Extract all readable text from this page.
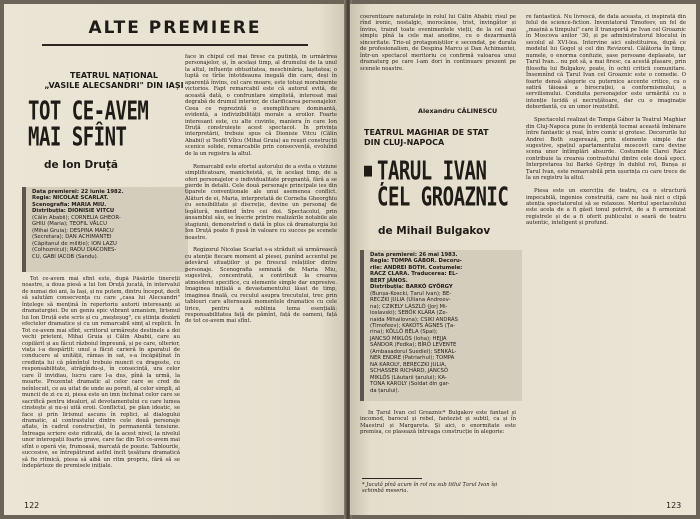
ALTE PREMIERE
TEATRUL NAȚIONAL
„VASILE ALECSANDRI" DIN IAȘI
TOT CE-AVEM
MAI SFÎNT
de Ion Druță

Data premierei: 22 iunie 1982.

Regia: NICOLAE SCARLAT.

Scenografia: MARIA MIU.

Distribuția: DIONISIE VITCU

(Călin Ababii); CORNELIA GHEOR-

GHIU (Maria); TEOFIL VÂLCU

(Mihai Gruia); DESPINA MARCU

(Secretara); DAN ACHIMANTEI

(Căpitanul de miliție); ION LAZU

(Colhoznicul); RADU DIACONES-

CU, GABI IACOB (Sandu).

Tot ce-avem mai sfînt este, după Păsările tinereții noastre, a doua piesă a lui Ion Druță jucată, în intervalul de numai doi ani, la Iași, și nu putem, dintru început, decît să salutăm consecvența cu care „casa lui Alecsandri" înțelege să mențină în repertoriu autorii interesanți ai dramaturgiei. De un geniu epic vibrant umanism, lirismul lui Ion Druță este scris și cu „meșteșug", cu știința dozării efectelor dramatice și cu un remarcabil simț al replicii. În Tot ce-avem mai sfînt, scriitorul urmărește destinele a doi vechi prieteni, Mihai Gruia și Călin Ababii, care au copilărit și au făcut războiul împreună, și pe care, ulterior, viața i-a despărțit: unul a făcut carieră în aparatul de conducere al unității, râmas în sat, s-a încăpățînat în credința lui că pămîntul trebuie muncit cu dragoste, cu responsabilitate, atrăgîndu-și, în consecință, ura celor care îl invidiau, lucru care l-a dus, pînă la urmă, la moarte. Prezentat dramatic al celor care se cred de neînlocuit, ce au uitat de unde au pornit, al celor simpli, al muncii de zi cu zi, piesa este un imn închinat celor care se sacrifică pentru idealuri, al devotamentului cu care lumea cinstește și nu-și uită eroii. Conflictul, pe plan ideatic, se face și prin lirismul ascuns în replici, al dialogului dramatic, al contrastului dintre cele două personaje aflate, în cadrul construcției, în permanentă tensiune. Întreaga scriere este ridicată, de la acest nivel, la nivelul unor interogații foarte grave, care fac din Tot ce-avem mai sfînt o operă vie, frumoasă, marcată de poezie. Tablourile, succesive, se întrepătrund astfel încît țesătura dramatică să fie ritmică, piesa să aibă un ritm propriu, fără să se îndepărteze de premisele inițiale.

face în chipul cel mai firesc cu putință, în urmărirea personajelor, și, în același timp, al drumului de la unul la altul, influențe obtuzitatea, meschinăria, lașitatea; o luptă ce tîrîie întotdeauna inegală din care, deși în aparență învins, cel care moare, este totuși moralmente victorios. Fapt remarcabil este că autorul evită, de această dată, o confruntare simplistă, interesat mai degrabă de drumul interior, de clarificarea personajelor. Ceea ce reprezintă o exemplificare dominantă, evidentă, a indivizibilității morale a eroilor. Foarte interesant este, cu alte cuvinte, maniera în care Ion Druță construiește acest spectacol. În privința interpretării, trebuie spus că Dionisie Vitcu (Călin Ababii) și Teofil Vîlcu (Mihai Gruia) au reușit construcții scenice solide, remarcabile prin consecvență, evoluînd de la un registru la altul.

Remarcabil este efortul autorului de a evita o viziune simplificatoare, manicheistă, și, în același timp, de a oferi personajelor o individualitate pregnantă, fără a se pierde în detalii. Cele două personaje principale ies din tiparele convenționale ale unui asemenea conflict. Alături de ei, Maria, interpretată de Cornelia Gheorghiu cu sensibilitate și discreție, devine un personaj de legătură, mediind între cei doi. Spectacolul, prin ansamblul său, se înscrie printre realizările notabile ale stagiunii, demonstrînd o dată în plus că dramaturgia lui Ion Druță poate fi pusă în valoare cu succes pe scenele noastre.

Regizorul Nicolae Scarlat s-a străduit să urmărească cu atenție fiecare moment al piesei, punînd accentul pe adevărul situațiilor și pe firescul relațiilor dintre personaje. Scenografia semnată de Maria Miu, sugestivă, concentrată, a contribuit la crearea atmosferei specifice, cu elemente simple dar expresive. Imaginea inițială a devastamentului lăsat de timp, imaginea finală, cu reculul asupra trecutului, trec prin tablouri care alternează momentele dramatice cu cele lirice, pentru a sublinia tema esențială: responsabilitatea față de pămînt, față de oameni, față de tot ce-avem mai sfînt.

122

coerentizare naturaleţe în rolul lui Călin Ababii; rîsul pe rînd ironic, nostalgic, morocănos, trist, învingător și învins, traind toate evenimentele vieții, de la cel mai simplu pînă la cele mai anodine, cu o dezarmantă sinceritate. Trio-ul protagoniștilor e secondat, pe durata de profesionalism, de Despina Marcu și Dan Achimantei, într-un spectacol meritoriu ce confirmă valoarea unui dramaturg pe care l-am dori în continuare prezent pe scenele noastre.

Alexandru CĂLINESCU
TEATRUL MAGHIAR DE STAT
DIN CLUJ-NAPOCA
ȚARUL IVAN
CEL GROAZNIC
de Mihail Bulgakov

Data premierei: 26 mai 1983.

Regia: TOMPA GÁBOR. Decoru-

rile: ANDREI BOTH. Costumele:

RACZ CLARA. Traducerea: EL-

BERT JÁNOS.

Distribuția: BARKÓ GYÖRGY

(Bunșa-Koscki, Țarul Ivan); BE-

RECZKI JULIA (Uliana Andreev-

na); CZIKELY LÁSZLÓ (Jorj Mi-

loslavski); SEBŐK KLÁRA (Ze-

naida Mihailovna); CSIKI ANDRÁS

(Timofeev); KAKOTS ÁGNES (Ța-

rina); KÖLLŐ BÉLA (Spai);

JANCSÓ MIKLÓS (Ioha); HEJJA

SÁNDOR (Fedka); BÍRÓ LEVENTE

(Ambasadorul Suediei); SENKÁL-

NER ENDRE (Patriarhul); TOMPA

NA KAROLY, BERECZKI JULIA,

SCHASSER RICHÁRD, JANCSÓ

MIKLÓS (Lăutarii țarului); KA-

TONA KAROLY (Soldat din gar-

da țarului).

În Țarul Ivan cel Groaznic* Bulgakov este fantast și incomod, barocul și rebel, fantezist și subtil, ca și în Maestrul și Margareta. Și aici, o enormitate este premisa, ce plasează întreaga construcție în alegorie:

* Jucată pînă acum în rol nu sub titlul Țarul Ivan își schimbă meseria.

re fantastică. Nu livrescă, de data aceasta, ci inspirată din felul de science-fiction. Inventatorul Timofeev, un fel de „mașină a timpului" care îl transportă pe Ivan cel Groaznic în Moscova anilor '30, și pe administratorul blocului în secolul al XVI-lea. Intervine aici substituirea, după ce modelul lui Gogol și cel din Revizorul. Călătoria în timp, numele, o enorma confuzie, șase persoane deplasate, iar Țarul Ivan... nu pot să, a mai firesc, ca acestă plasare, prin filosofia lui Bulgakov, poate, în ochii criticii comunitare. Însemnînd că Țarul Ivan cel Groaznic este o comedie. O foarte densă alegorie cu puternice accente critice, cu o satiră tăioasă a birocrației, a conformismului, a servilismului. Conduita personajelor este urmărită cu o intenție lucidă și necruțătoare, dar cu o imaginație debordantă, cu un umor irezistibil.

Spectacolul realizat de Tompa Gábor la Teatrul Maghiar din Cluj-Napoca pune în evidență tocmai această îmbinare între fantastic și real, între comic și grotesc. Decorurile lui Andrei Both sugerează, prin elemente simple dar sugestive, spațiul apartamentului moscovit care devine scena unor întîmplări absurde. Costumele Clarei Rácz contribuie la crearea contrastului dintre cele două epoci. Interpretarea lui Barkó György în dublul rol, Bunșa și Țarul Ivan, este remarcabilă prin ușurința cu care trece de la un registru la altul.

Piesa este un exercițiu de teatru, cu o structură impecabilă, ingenios construită, care nu lasă nici o clipă atenția spectatorului să se relaxeze. Meritul spectacolului este acela de a fi găsit tonul potrivit, de a fi armonizat registrele și de a fi oferit publicului o seară de teatru autentic, inteligent și profund.

123
